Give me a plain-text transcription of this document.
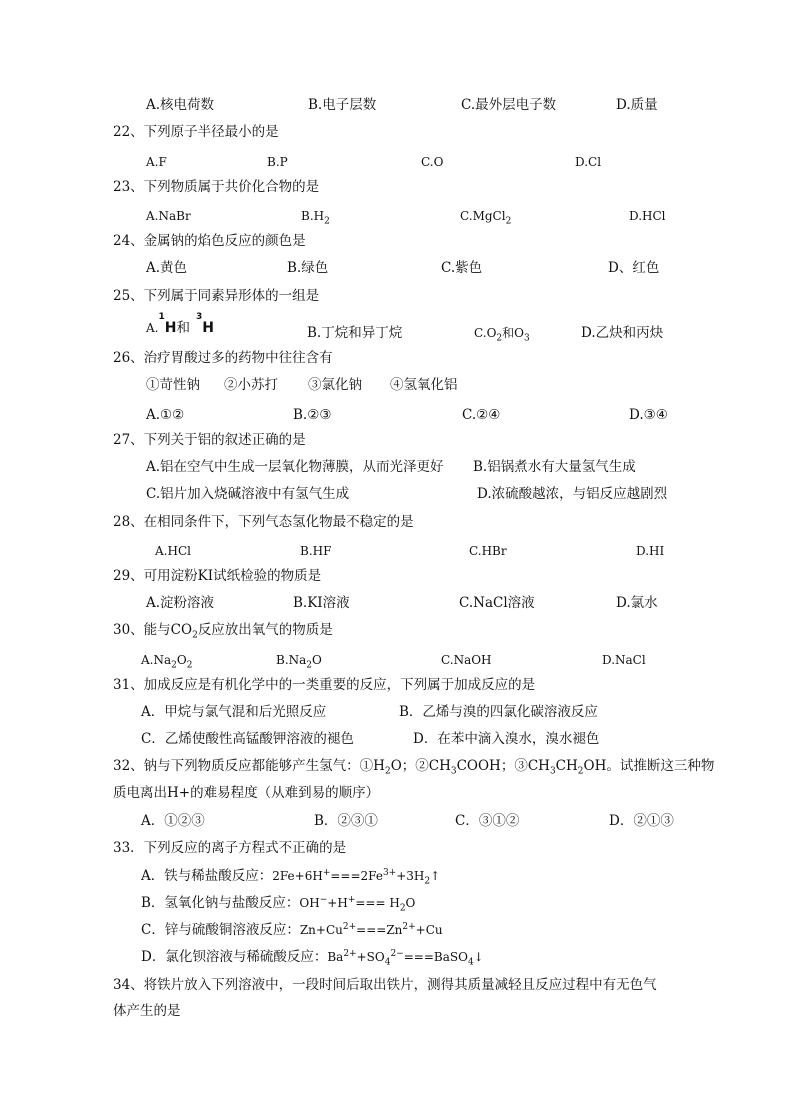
A.核电荷数	B.电子层数	C.最外层电子数	D.质量
22、下列原子半径最小的是
A.F	B.P	C.O	D.Cl
23、下列物质属于共价化合物的是
A.NaBr	$B.H_2$	C.MgCl$_2$	D.HCl
24、金属钠的焰色反应的颜色是
A.黄色	B.绿色	C.紫色	D、红色
25、下列属于同素异形体的一组是
A.$^1$H和$^3$H	B.丁烷和异丁烷	$C.O_2$和$O_3$	D.乙炔和丙炔
26、治疗胃酸过多的药物中往往含有
①苛性钠 ②小苏打 ③氯化钠 ④氢氧化铝
A.①②	B.②③	C.②④	D.③④
27、下列关于铝的叙述正确的是
A.铝在空气中生成一层氧化物薄膜，从而光泽更好 B.铝锅煮水有大量氢气生成
C.铝片加入烧碱溶液中有氢气生成	D.浓硫酸越浓，与铝反应越剧烈
28、在相同条件下，下列气态氢化物最不稳定的是
A.HCl	B.HF	C.HBr	D.HI
29、可用淀粉KI试纸检验的物质是
A.淀粉溶液	B.KI溶液	C.NaCl溶液	D.氯水
30、能与$CO_2$反应放出氧气的物质是
$A.Na_2O_2$	$B.Na_2O$	C.NaOH	D.NaCl
31、加成反应是有机化学中的一类重要的反应，下列属于加成反应的是
A．甲烷与氯气混和后光照反应	B．乙烯与溴的四氯化碳溶液反应
C．乙烯使酸性高锰酸钾溶液的褪色	D．在苯中滴入溴水，溴水褪色
32、钠与下列物质反应都能够产生氢气：$①H_2O$；$②CH_3COOH$；$③CH_3CH_2OH$。试推断这三种物
质电离出H+的难易程度（从难到易的顺序）
A．①②③	B．②③①	C．③①②	D．②①③
33．下列反应的离子方程式不正确的是
A．铁与稀盐酸反应：$2Fe+6H^+===2Fe^{3+}+3H_2↑$
B．氢氧化钠与盐酸反应：$OH^-+H^+=== H_2O$
C．锌与硫酸铜溶液反应：$Zn+Cu^{2+}===Zn^{2+}+Cu$
D．氯化钡溶液与稀硫酸反应：$Ba^{2+}+SO_4^{2-}===BaSO_4↓$
34、将铁片放入下列溶液中，一段时间后取出铁片，测得其质量减轻且反应过程中有无色气
体产生的是
